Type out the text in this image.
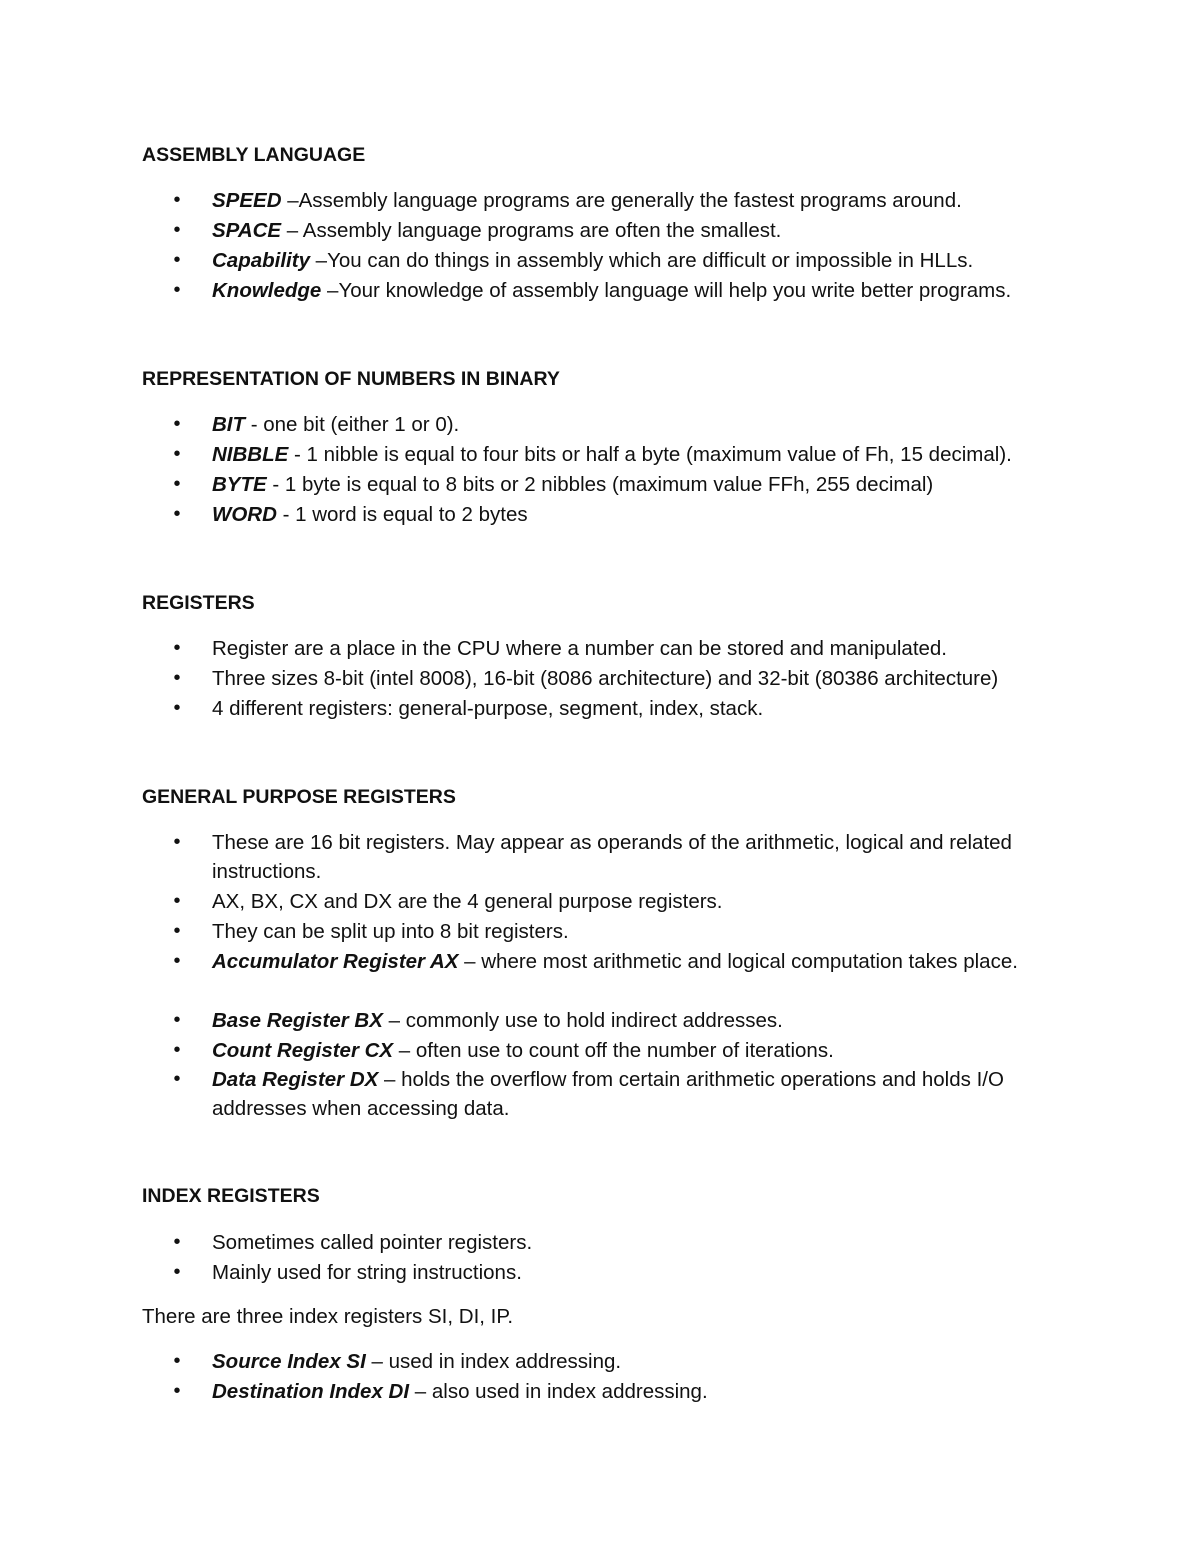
ASSEMBLY LANGUAGE
• SPEED –Assembly language programs are generally the fastest programs around.
• SPACE – Assembly language programs are often the smallest.
• Capability –You can do things in assembly which are difficult or impossible in HLLs.
• Knowledge –Your knowledge of assembly language will help you write better programs.
REPRESENTATION OF NUMBERS IN BINARY
• BIT - one bit (either 1 or 0).
• NIBBLE - 1 nibble is equal to four bits or half a byte (maximum value of Fh, 15 decimal).
• BYTE - 1 byte is equal to 8 bits or 2 nibbles (maximum value FFh, 255 decimal)
• WORD - 1 word is equal to 2 bytes
REGISTERS
• Register are a place in the CPU where a number can be stored and manipulated.
• Three sizes 8-bit (intel 8008), 16-bit (8086 architecture) and 32-bit (80386 architecture)
• 4 different registers: general-purpose, segment, index, stack.
GENERAL PURPOSE REGISTERS
• These are 16 bit registers. May appear as operands of the arithmetic, logical and related instructions.
• AX, BX, CX and DX are the 4 general purpose registers.
• They can be split up into 8 bit registers.
• Accumulator Register AX – where most arithmetic and logical computation takes place.
• Base Register BX – commonly use to hold indirect addresses.
• Count Register CX – often use to count off the number of iterations.
• Data Register DX – holds the overflow from certain arithmetic operations and holds I/O addresses when accessing data.
INDEX REGISTERS
• Sometimes called pointer registers.
• Mainly used for string instructions.
There are three index registers SI, DI, IP.
• Source Index SI – used in index addressing.
• Destination Index DI – also used in index addressing.
